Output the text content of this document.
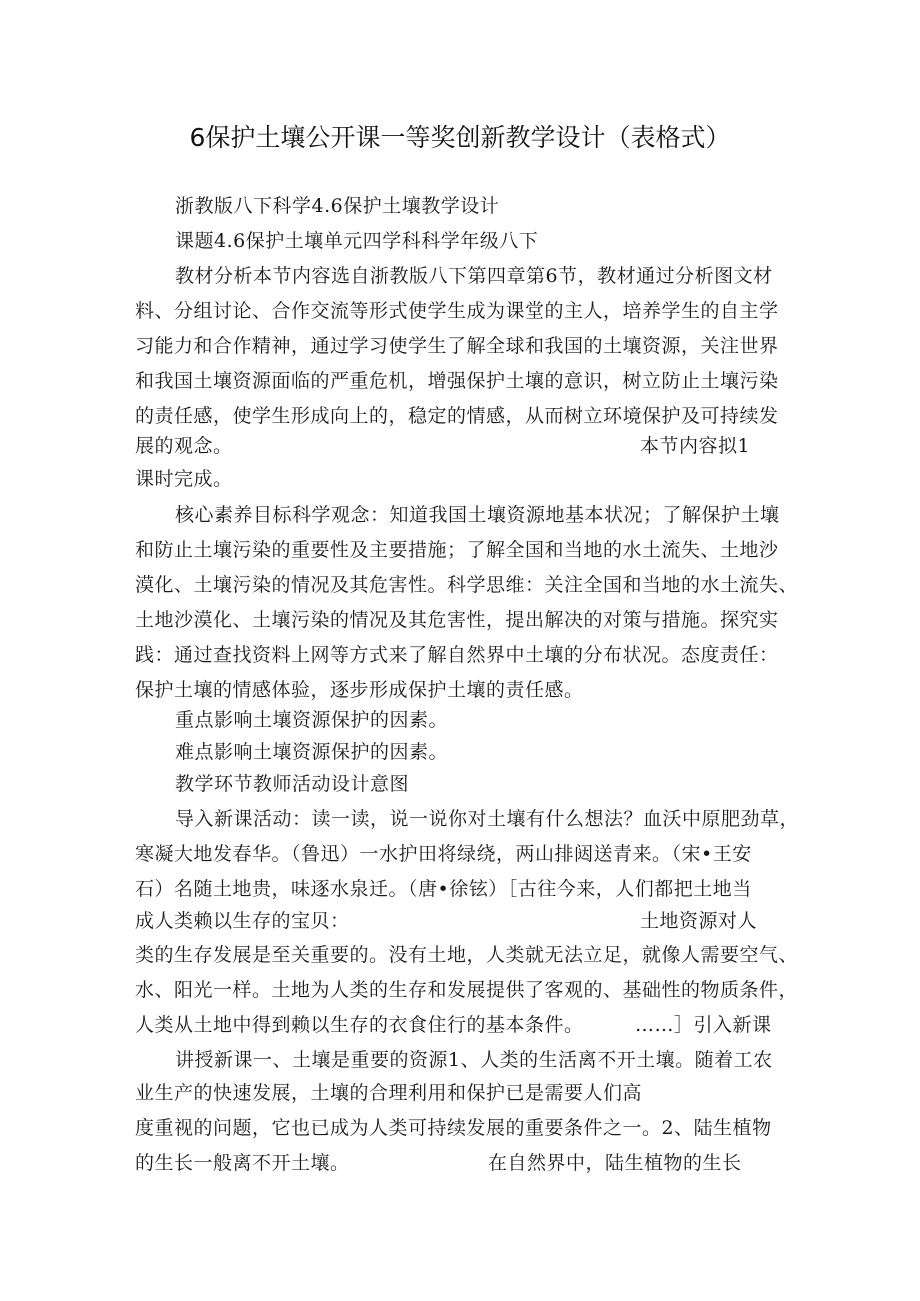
6保护土壤公开课一等奖创新教学设计（表格式）
浙教版八下科学4.6保护土壤教学设计
课题4.6保护土壤单元四学科科学年级八下
教材分析本节内容选自浙教版八下第四章第6节，教材通过分析图文材
料、分组讨论、合作交流等形式使学生成为课堂的主人，培养学生的自主学
习能力和合作精神，通过学习使学生了解全球和我国的土壤资源，关注世界
和我国土壤资源面临的严重危机，增强保护土壤的意识，树立防止土壤污染
的责任感，使学生形成向上的，稳定的情感，从而树立环境保护及可持续发
展的观念。	本节内容拟1
课时完成。
核心素养目标科学观念：知道我国土壤资源地基本状况；了解保护土壤
和防止土壤污染的重要性及主要措施；了解全国和当地的水土流失、土地沙
漠化、土壤污染的情况及其危害性。科学思维：关注全国和当地的水土流失、
土地沙漠化、土壤污染的情况及其危害性，提出解决的对策与措施。探究实
践：通过查找资料上网等方式来了解自然界中土壤的分布状况。态度责任：
保护土壤的情感体验，逐步形成保护土壤的责任感。
重点影响土壤资源保护的因素。
难点影响土壤资源保护的因素。
教学环节教师活动设计意图
导入新课活动：读一读，说一说你对土壤有什么想法？血沃中原肥劲草，
寒凝大地发春华。（鲁迅）一水护田将绿绕，两山排闼送青来。（宋•王安
石）名随土地贵，味逐水泉迁。（唐•徐铉）［古往今来，人们都把土地当
成人类赖以生存的宝贝：	土地资源对人
类的生存发展是至关重要的。没有土地，人类就无法立足，就像人需要空气、
水、阳光一样。土地为人类的生存和发展提供了客观的、基础性的物质条件，
人类从土地中得到赖以生存的衣食住行的基本条件。	……］引入新课
讲授新课一、土壤是重要的资源1、人类的生活离不开土壤。随着工农
业生产的快速发展，土壤的合理利用和保护已是需要人们高
度重视的问题，它也已成为人类可持续发展的重要条件之一。2、陆生植物
的生长一般离不开土壤。	在自然界中，陆生植物的生长
